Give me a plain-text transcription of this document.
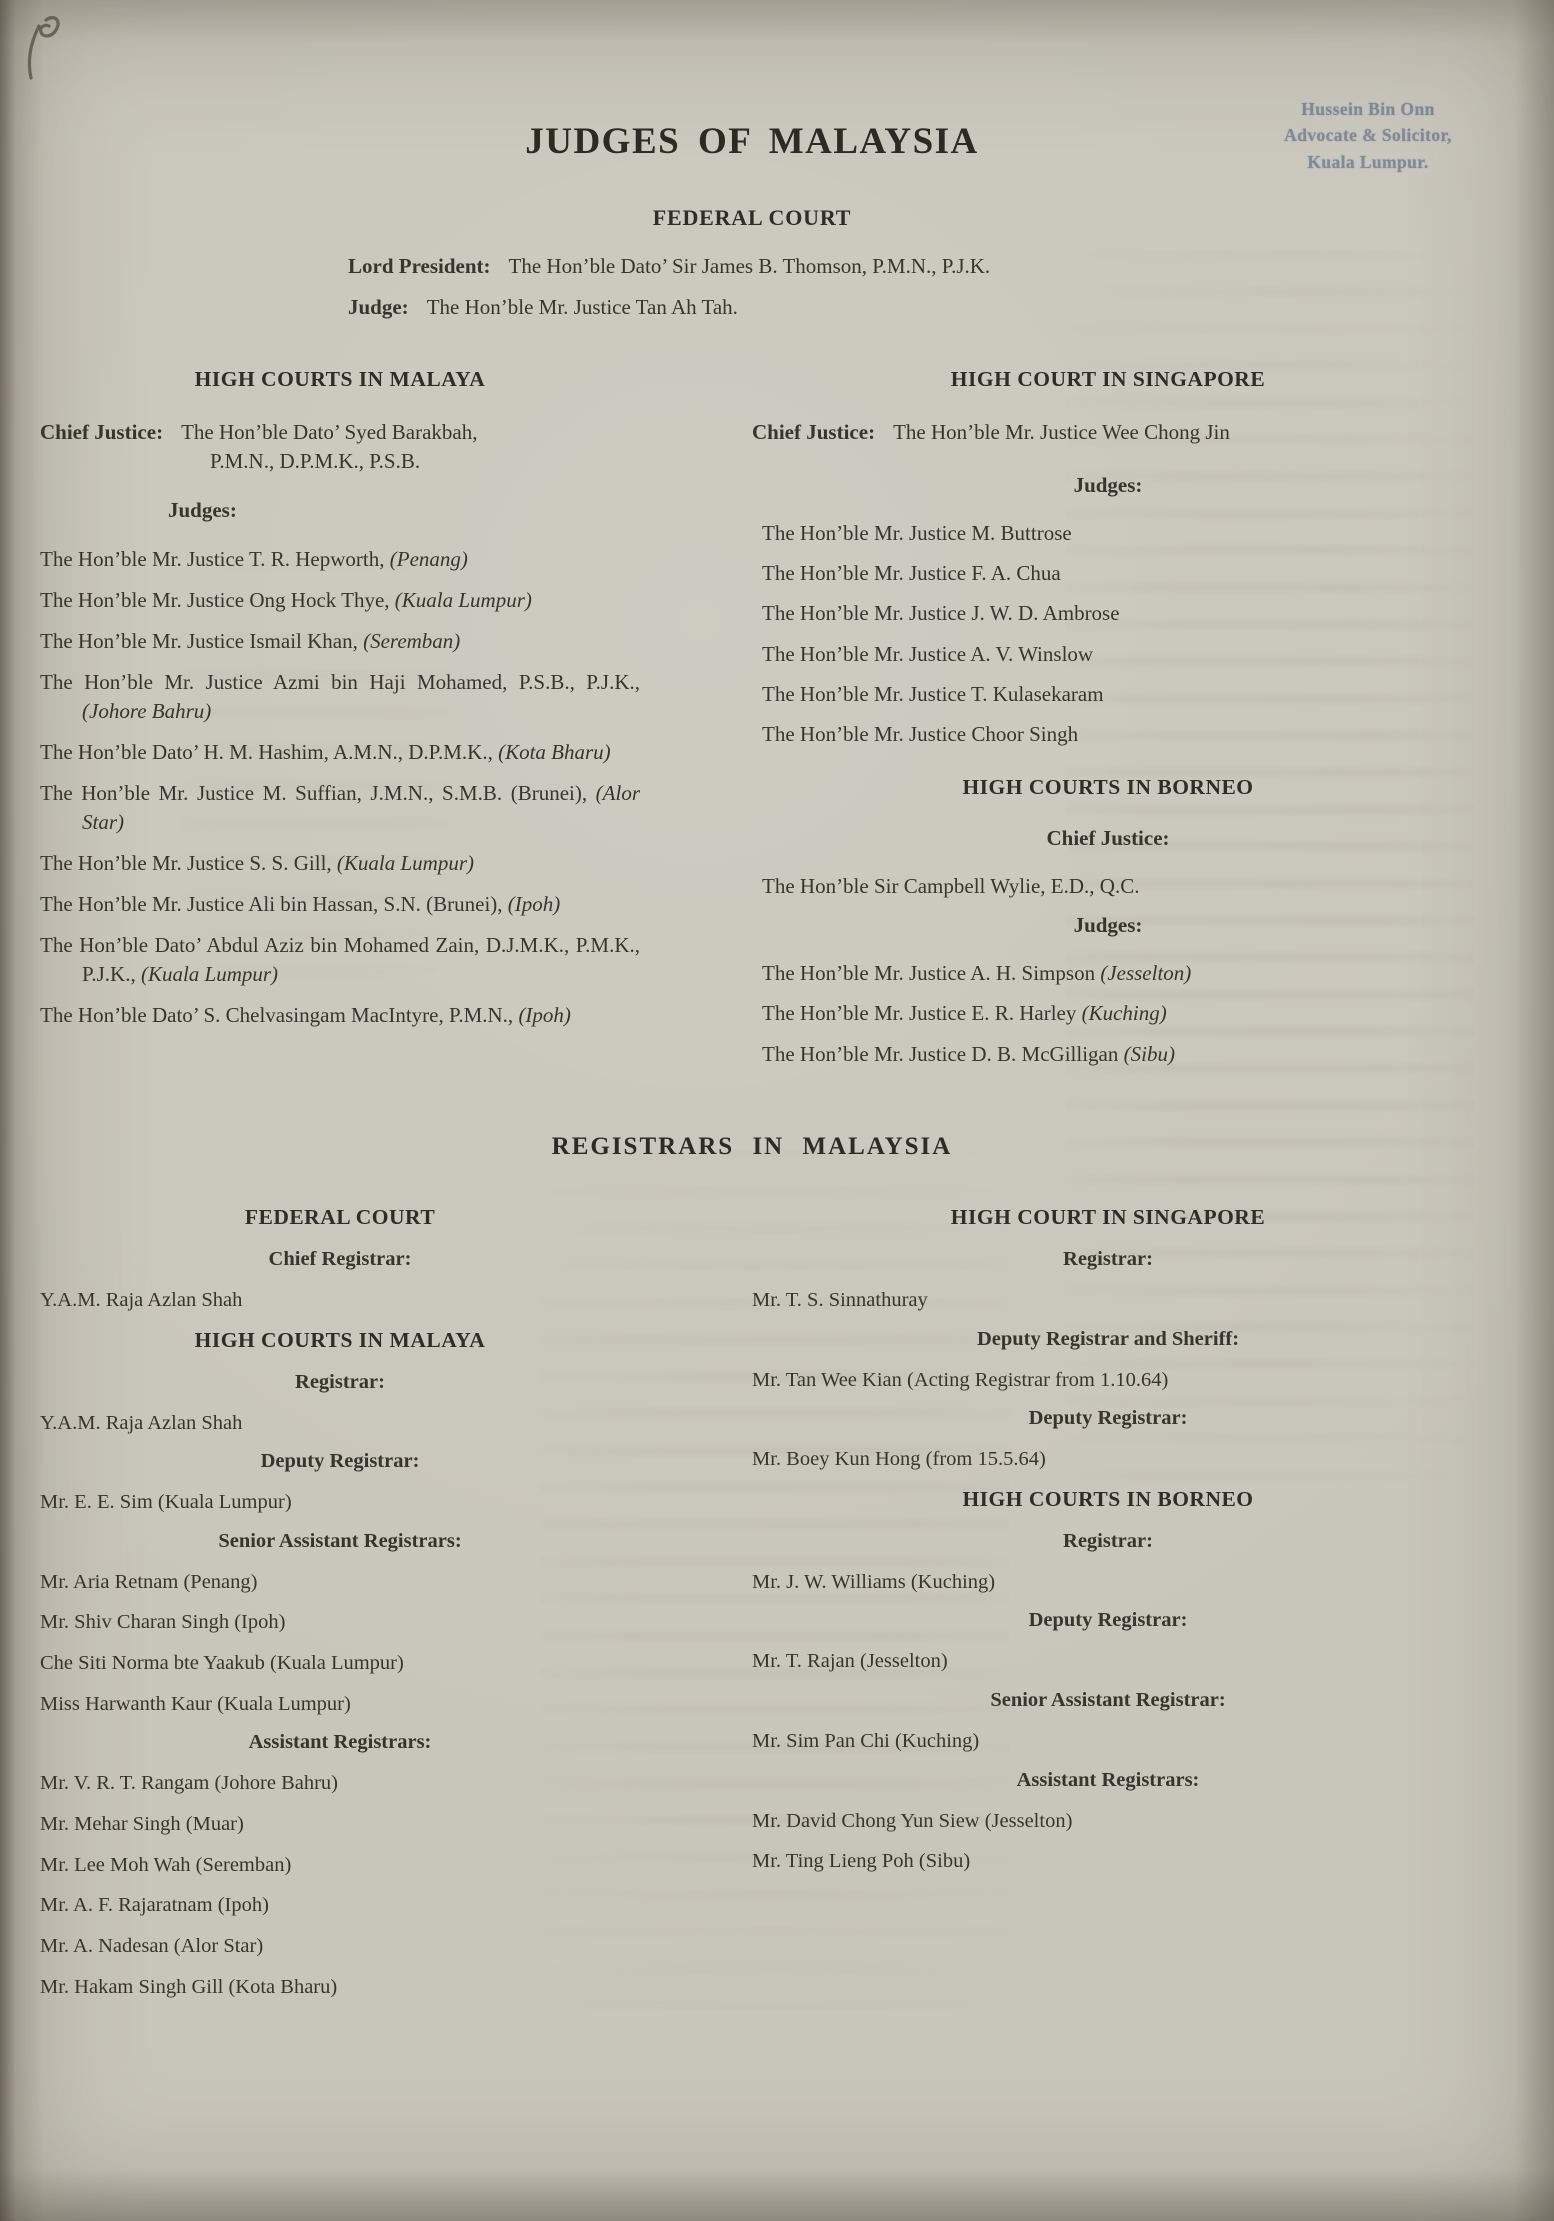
Hussein Bin Onn
Advocate & Solicitor,
Kuala Lumpur.
JUDGES OF MALAYSIA
FEDERAL COURT

Lord President: The Hon’ble Dato’ Sir James B. Thomson, P.M.N., P.J.K.

Judge: The Hon’ble Mr. Justice Tan Ah Tah.

HIGH COURTS IN MALAYA

Chief Justice: The Hon’ble Dato’ Syed Barakbah,
P.M.N., D.P.M.K., P.S.B.

Judges:

The Hon’ble Mr. Justice T. R. Hepworth, (Penang)

The Hon’ble Mr. Justice Ong Hock Thye, (Kuala Lumpur)

The Hon’ble Mr. Justice Ismail Khan, (Seremban)

The Hon’ble Mr. Justice Azmi bin Haji Mohamed, P.S.B., P.J.K., (Johore Bahru)

The Hon’ble Dato’ H. M. Hashim, A.M.N., D.P.M.K., (Kota Bharu)

The Hon’ble Mr. Justice M. Suffian, J.M.N., S.M.B. (Brunei), (Alor Star)

The Hon’ble Mr. Justice S. S. Gill, (Kuala Lumpur)

The Hon’ble Mr. Justice Ali bin Hassan, S.N. (Brunei), (Ipoh)

The Hon’ble Dato’ Abdul Aziz bin Mohamed Zain, D.J.M.K., P.M.K., P.J.K., (Kuala Lumpur)

The Hon’ble Dato’ S. Chelvasingam MacIntyre, P.M.N., (Ipoh)

HIGH COURT IN SINGAPORE

Chief Justice: The Hon’ble Mr. Justice Wee Chong Jin

Judges:

The Hon’ble Mr. Justice M. Buttrose

The Hon’ble Mr. Justice F. A. Chua

The Hon’ble Mr. Justice J. W. D. Ambrose

The Hon’ble Mr. Justice A. V. Winslow

The Hon’ble Mr. Justice T. Kulasekaram

The Hon’ble Mr. Justice Choor Singh

HIGH COURTS IN BORNEO

Chief Justice:

The Hon’ble Sir Campbell Wylie, E.D., Q.C.

Judges:

The Hon’ble Mr. Justice A. H. Simpson (Jesselton)

The Hon’ble Mr. Justice E. R. Harley (Kuching)

The Hon’ble Mr. Justice D. B. McGilligan (Sibu)

REGISTRARS IN MALAYSIA
FEDERAL COURT

Chief Registrar:

Y.A.M. Raja Azlan Shah

HIGH COURTS IN MALAYA

Registrar:

Y.A.M. Raja Azlan Shah

Deputy Registrar:

Mr. E. E. Sim (Kuala Lumpur)

Senior Assistant Registrars:

Mr. Aria Retnam (Penang)

Mr. Shiv Charan Singh (Ipoh)

Che Siti Norma bte Yaakub (Kuala Lumpur)

Miss Harwanth Kaur (Kuala Lumpur)

Assistant Registrars:

Mr. V. R. T. Rangam (Johore Bahru)

Mr. Mehar Singh (Muar)

Mr. Lee Moh Wah (Seremban)

Mr. A. F. Rajaratnam (Ipoh)

Mr. A. Nadesan (Alor Star)

Mr. Hakam Singh Gill (Kota Bharu)

HIGH COURT IN SINGAPORE

Registrar:

Mr. T. S. Sinnathuray

Deputy Registrar and Sheriff:

Mr. Tan Wee Kian (Acting Registrar from 1.10.64)

Deputy Registrar:

Mr. Boey Kun Hong (from 15.5.64)

HIGH COURTS IN BORNEO

Registrar:

Mr. J. W. Williams (Kuching)

Deputy Registrar:

Mr. T. Rajan (Jesselton)

Senior Assistant Registrar:

Mr. Sim Pan Chi (Kuching)

Assistant Registrars:

Mr. David Chong Yun Siew (Jesselton)

Mr. Ting Lieng Poh (Sibu)
